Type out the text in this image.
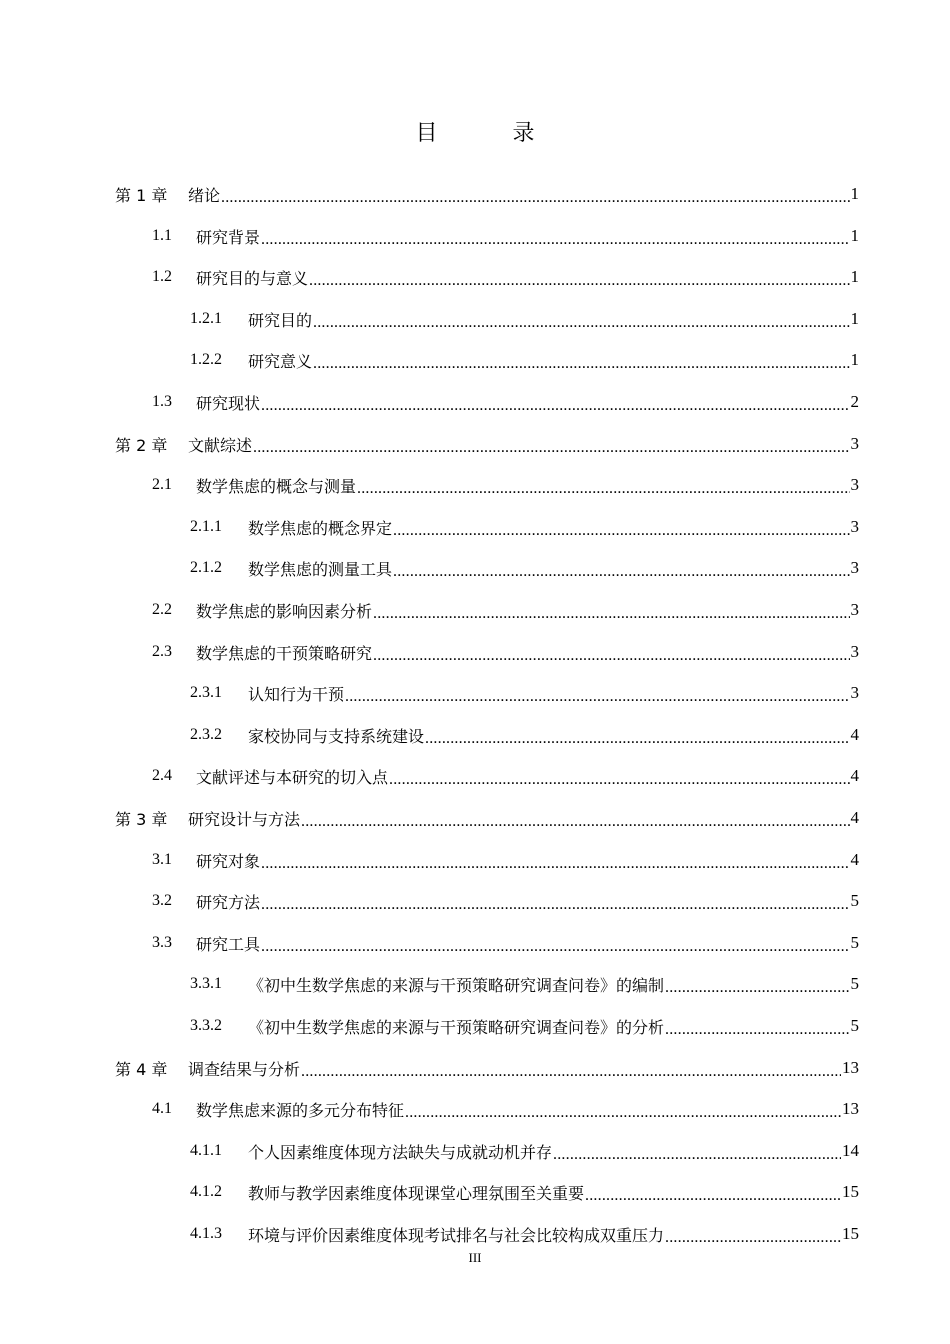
目 录
第 1 章	绪论 .....	1
1.1	研究背景 .....	1
1.2	研究目的与意义 .....	1
1.2.1	研究目的 .....	1
1.2.2	研究意义 .....	1
1.3	研究现状 .....	2
第 2 章	文献综述 .....	3
2.1	数学焦虑的概念与测量 .....	3
2.1.1	数学焦虑的概念界定 .....	3
2.1.2	数学焦虑的测量工具 .....	3
2.2	数学焦虑的影响因素分析 .....	3
2.3	数学焦虑的干预策略研究 .....	3
2.3.1	认知行为干预 .....	3
2.3.2	家校协同与支持系统建设 .....	4
2.4	文献评述与本研究的切入点 .....	4
第 3 章	研究设计与方法 .....	4
3.1	研究对象 .....	4
3.2	研究方法 .....	5
3.3	研究工具 .....	5
3.3.1	《初中生数学焦虑的来源与干预策略研究调查问卷》的编制 .....	5
3.3.2	《初中生数学焦虑的来源与干预策略研究调查问卷》的分析 .....	5
第 4 章	调查结果与分析 .....	13
4.1	数学焦虑来源的多元分布特征 .....	13
4.1.1	个人因素维度体现方法缺失与成就动机并存 .....	14
4.1.2	教师与教学因素维度体现课堂心理氛围至关重要 .....	15
4.1.3	环境与评价因素维度体现考试排名与社会比较构成双重压力 .....	15
III
